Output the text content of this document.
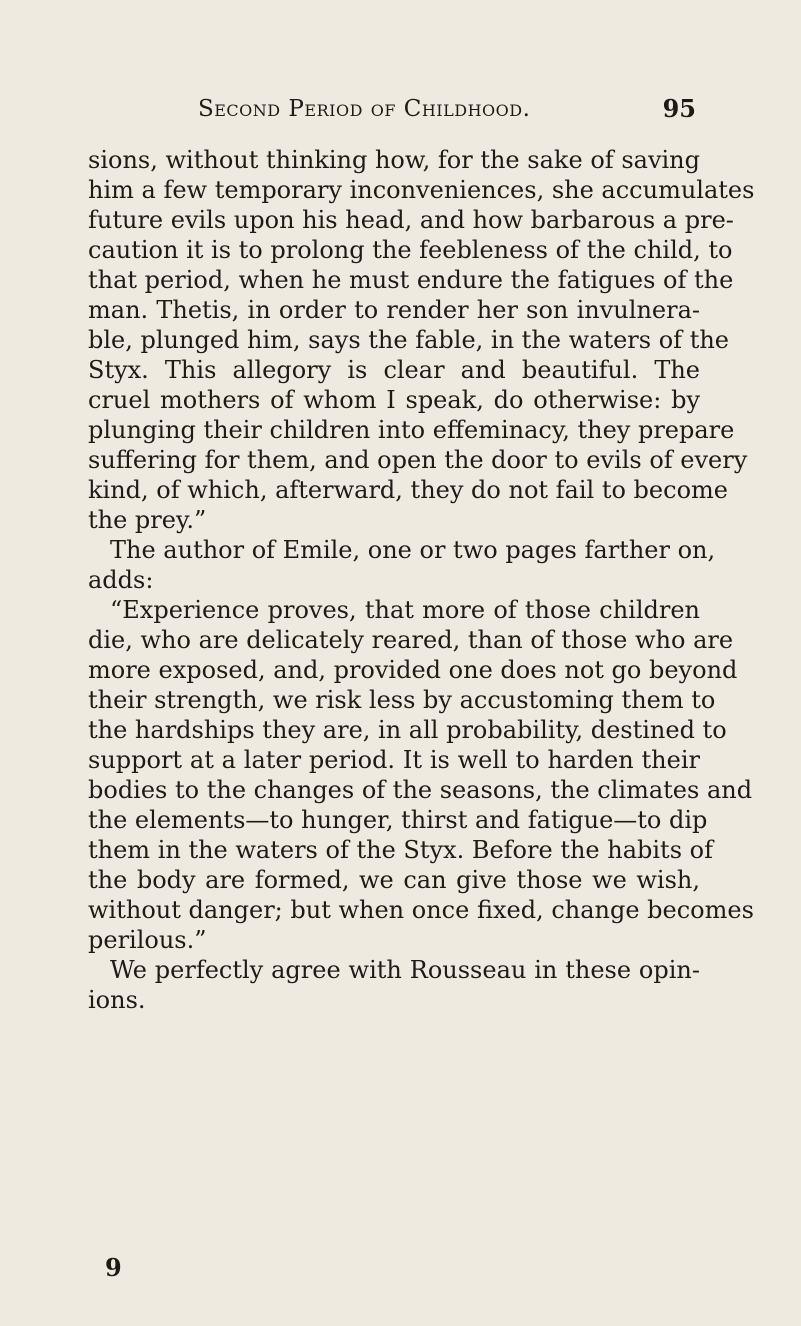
Second Period of Childhood.	95
sions, without thinking how, for the sake of saving
him a few temporary inconveniences, she accumulates
future evils upon his head, and how barbarous a pre-
caution it is to prolong the feebleness of the child, to
that period, when he must endure the fatigues of the
man. Thetis, in order to render her son invulnera-
ble, plunged him, says the fable, in the waters of the
Styx. This allegory is clear and beautiful. The
cruel mothers of whom I speak, do otherwise: by
plunging their children into effeminacy, they prepare
suffering for them, and open the door to evils of every
kind, of which, afterward, they do not fail to become
the prey.”
The author of Emile, one or two pages farther on,
adds:
“Experience proves, that more of those children
die, who are delicately reared, than of those who are
more exposed, and, provided one does not go beyond
their strength, we risk less by accustoming them to
the hardships they are, in all probability, destined to
support at a later period. It is well to harden their
bodies to the changes of the seasons, the climates and
the elements—to hunger, thirst and fatigue—to dip
them in the waters of the Styx. Before the habits of
the body are formed, we can give those we wish,
without danger; but when once fixed, change becomes
perilous.”
We perfectly agree with Rousseau in these opin-
ions.
9
